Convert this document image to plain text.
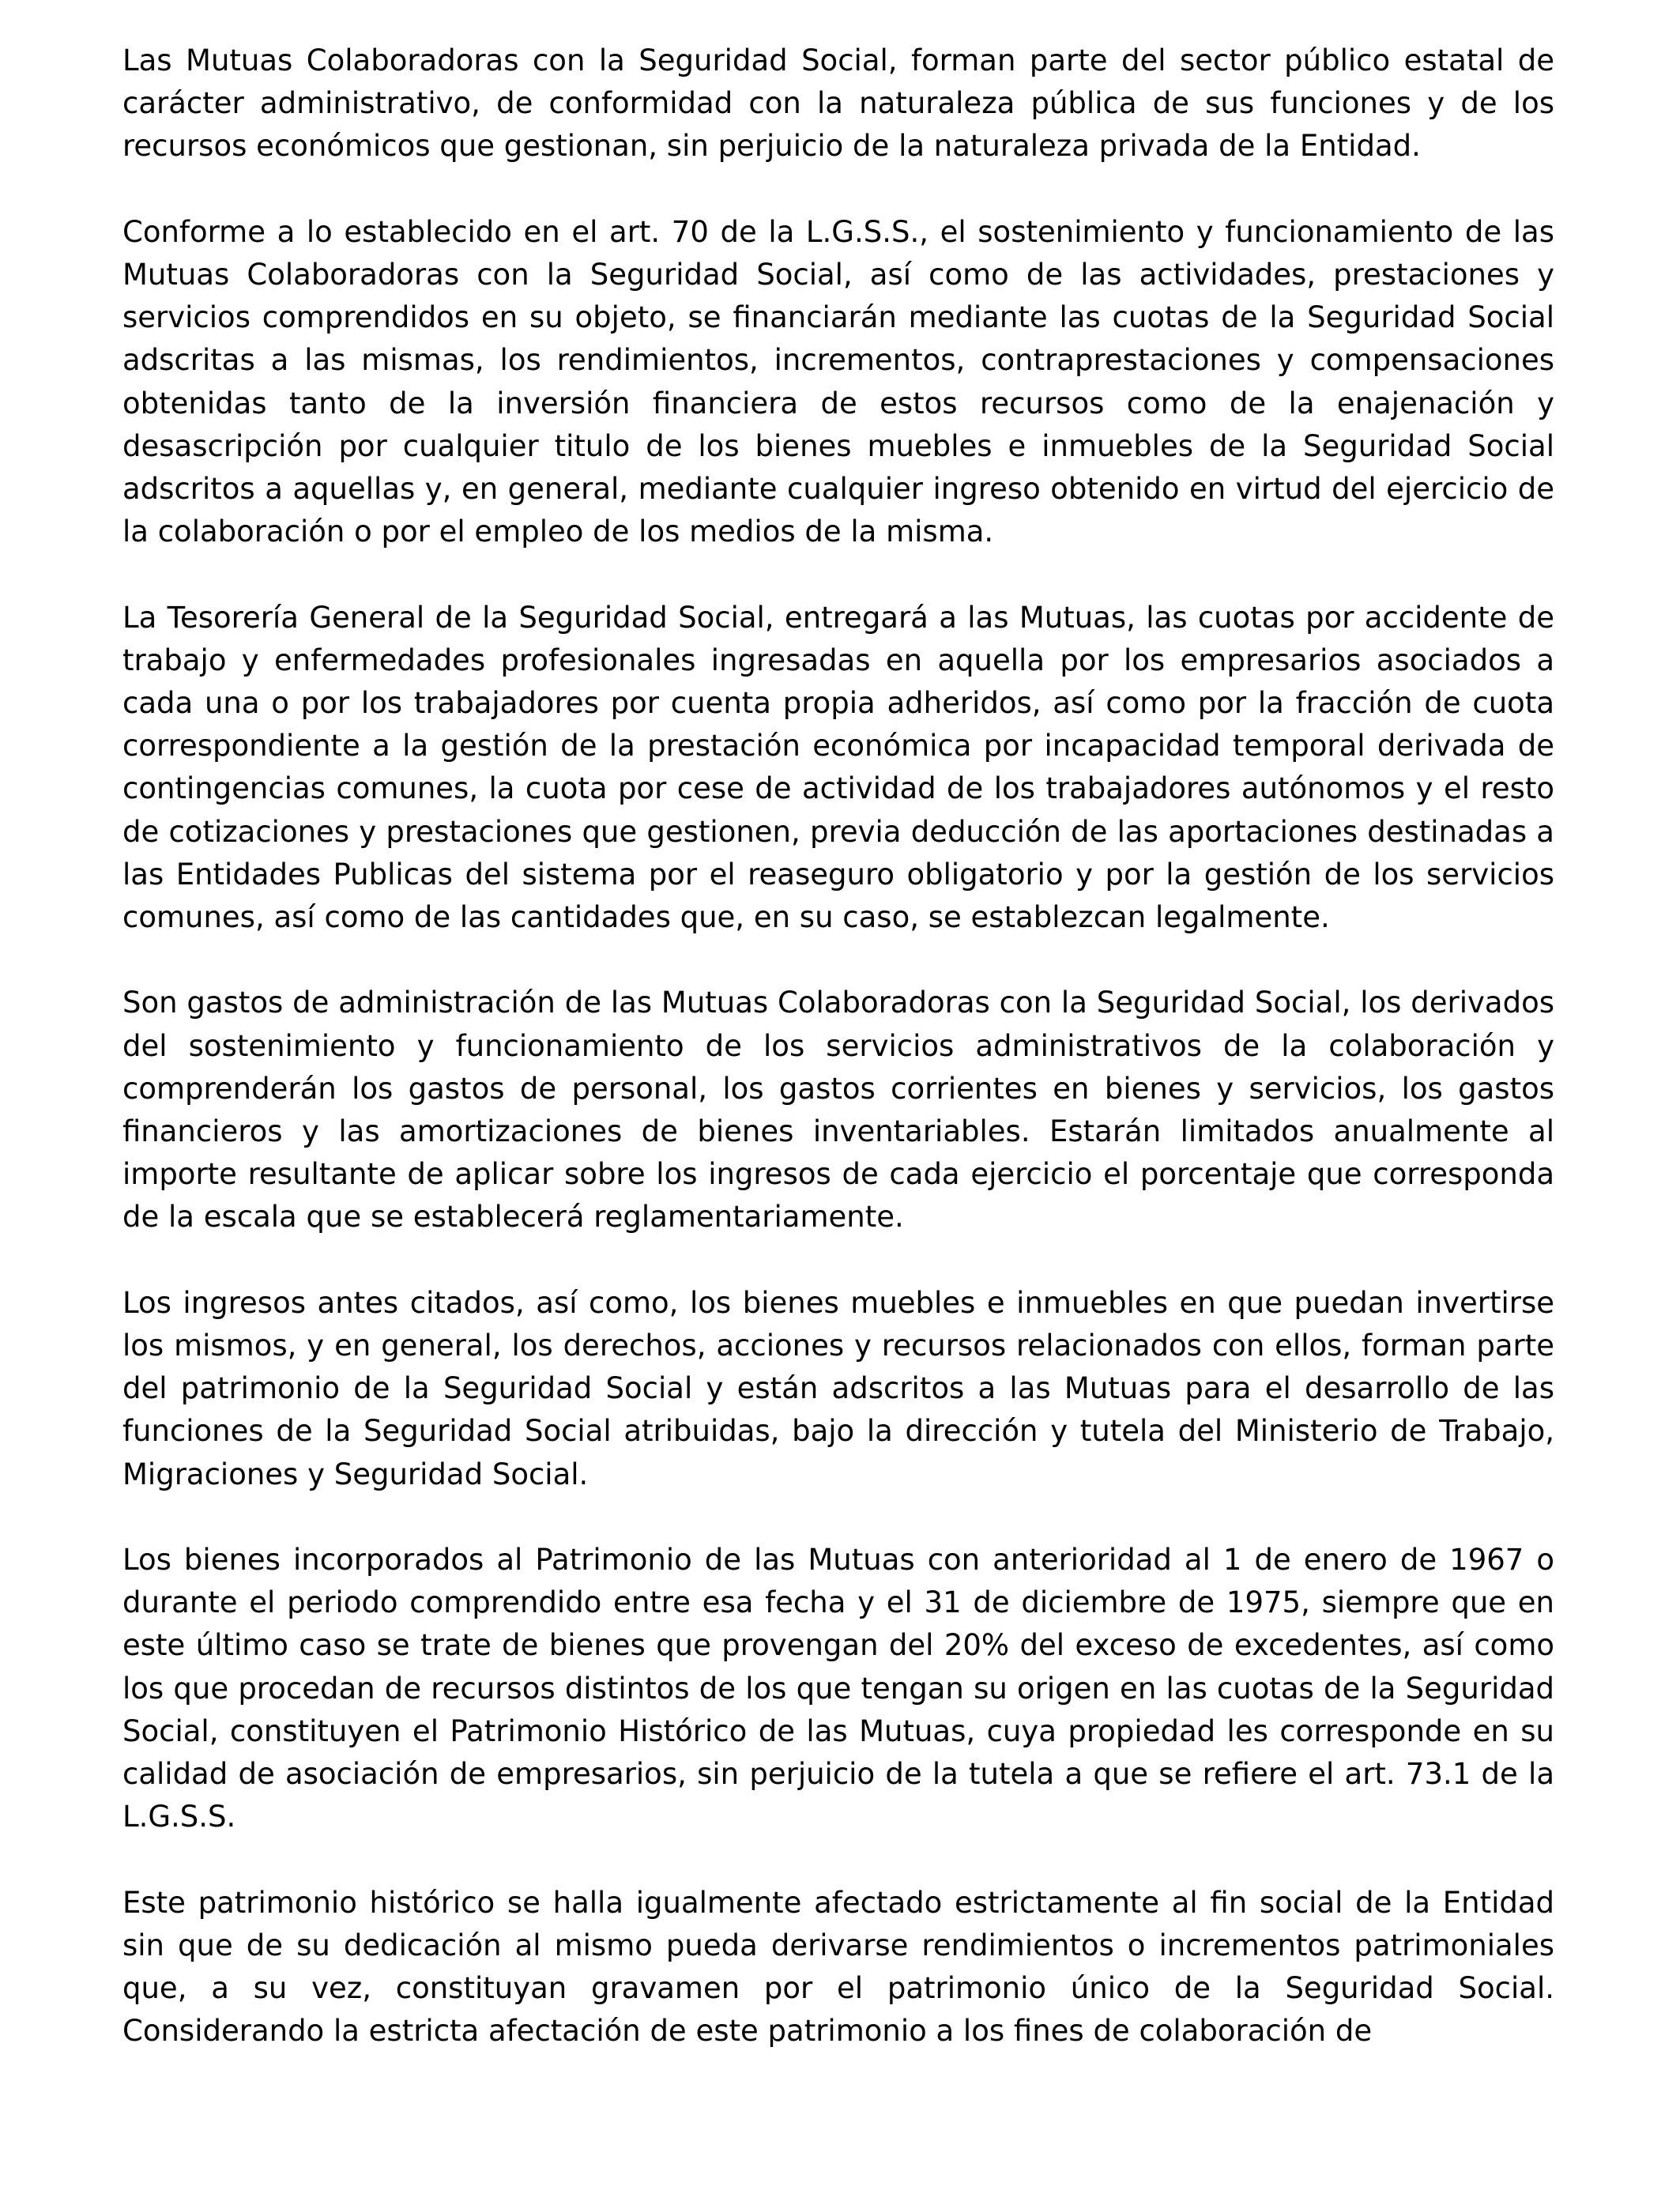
Las Mutuas Colaboradoras con la Seguridad Social, forman parte del sector público estatal de carácter administrativo, de conformidad con la naturaleza pública de sus funciones y de los recursos económicos que gestionan, sin perjuicio de la naturaleza privada de la Entidad.

Conforme a lo establecido en el art. 70 de la L.G.S.S., el sostenimiento y funcionamiento de las Mutuas Colaboradoras con la Seguridad Social, así como de las actividades, prestaciones y servicios comprendidos en su objeto, se financiarán mediante las cuotas de la Seguridad Social adscritas a las mismas, los rendimientos, incrementos, contraprestaciones y compensaciones obtenidas tanto de la inversión financiera de estos recursos como de la enajenación y desascripción por cualquier titulo de los bienes muebles e inmuebles de la Seguridad Social adscritos a aquellas y, en general, mediante cualquier ingreso obtenido en virtud del ejercicio de la colaboración o por el empleo de los medios de la misma.

La Tesorería General de la Seguridad Social, entregará a las Mutuas, las cuotas por accidente de trabajo y enfermedades profesionales ingresadas en aquella por los empresarios asociados a cada una o por los trabajadores por cuenta propia adheridos, así como por la fracción de cuota correspondiente a la gestión de la prestación económica por incapacidad temporal derivada de contingencias comunes, la cuota por cese de actividad de los trabajadores autónomos y el resto de cotizaciones y prestaciones que gestionen, previa deducción de las aportaciones destinadas a las Entidades Publicas del sistema por el reaseguro obligatorio y por la gestión de los servicios comunes, así como de las cantidades que, en su caso, se establezcan legalmente.

Son gastos de administración de las Mutuas Colaboradoras con la Seguridad Social, los derivados del sostenimiento y funcionamiento de los servicios administrativos de la colaboración y comprenderán los gastos de personal, los gastos corrientes en bienes y servicios, los gastos financieros y las amortizaciones de bienes inventariables. Estarán limitados anualmente al importe resultante de aplicar sobre los ingresos de cada ejercicio el porcentaje que corresponda de la escala que se establecerá reglamentariamente.

Los ingresos antes citados, así como, los bienes muebles e inmuebles en que puedan invertirse los mismos, y en general, los derechos, acciones y recursos relacionados con ellos, forman parte del patrimonio de la Seguridad Social y están adscritos a las Mutuas para el desarrollo de las funciones de la Seguridad Social atribuidas, bajo la dirección y tutela del Ministerio de Trabajo, Migraciones y Seguridad Social.

Los bienes incorporados al Patrimonio de las Mutuas con anterioridad al 1 de enero de 1967 o durante el periodo comprendido entre esa fecha y el 31 de diciembre de 1975, siempre que en este último caso se trate de bienes que provengan del 20% del exceso de excedentes, así como los que procedan de recursos distintos de los que tengan su origen en las cuotas de la Seguridad Social, constituyen el Patrimonio Histórico de las Mutuas, cuya propiedad les corresponde en su calidad de asociación de empresarios, sin perjuicio de la tutela a que se refiere el art. 73.1 de la L.G.S.S.

Este patrimonio histórico se halla igualmente afectado estrictamente al fin social de la Entidad sin que de su dedicación al mismo pueda derivarse rendimientos o incrementos patrimoniales que, a su vez, constituyan gravamen por el patrimonio único de la Seguridad Social. Considerando la estricta afectación de este patrimonio a los fines de colaboración de
